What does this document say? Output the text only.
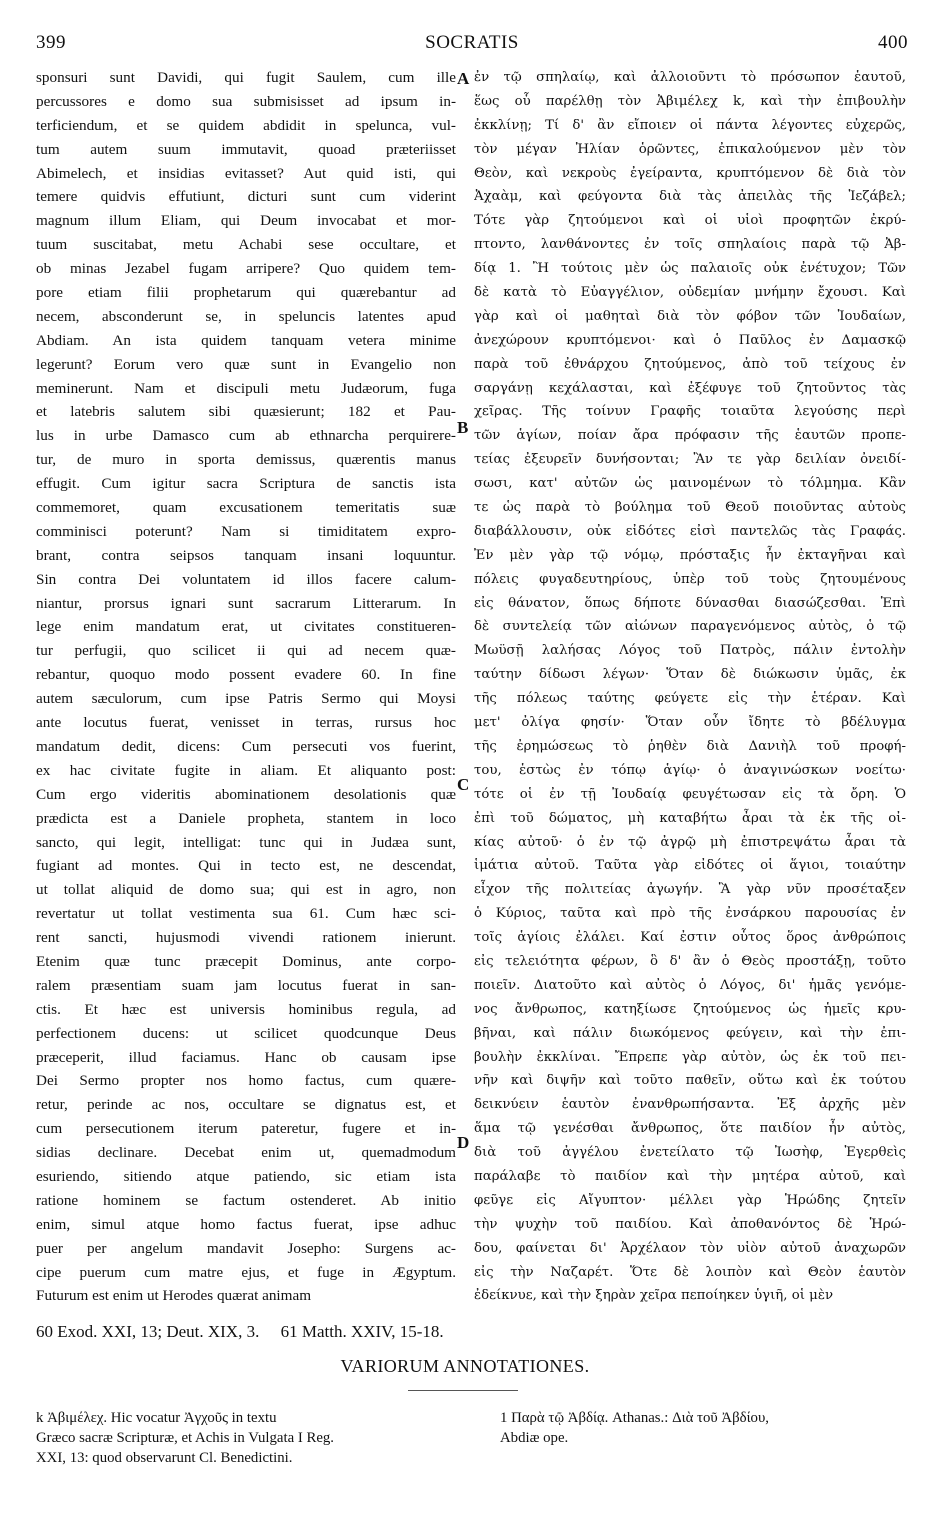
399	SOCRATIS	400
sponsuri sunt Davidi, qui fugit Saulem, cum ille
percussores e domo sua submisisset ad ipsum in-
terficiendum, et se quidem abdidit in spelunca, vul-
tum autem suum immutavit, quoad præteriisset
Abimelech, et insidias evitasset? Aut quid isti, qui
temere quidvis effutiunt, dicturi sunt cum viderint
magnum illum Eliam, qui Deum invocabat et mor-
tuum suscitabat, metu Achabi sese occultare, et
ob minas Jezabel fugam arripere? Quo quidem tem-
pore etiam filii prophetarum qui quærebantur ad
necem, absconderunt se, in speluncis latentes apud
Abdiam. An ista quidem tanquam vetera minime
legerunt? Eorum vero quæ sunt in Evangelio non
meminerunt. Nam et discipuli metu Judæorum, fuga
et latebris salutem sibi quæsierunt; 182 et Pau-
lus in urbe Damasco cum ab ethnarcha perquirere-
tur, de muro in sporta demissus, quærentis manus
effugit. Cum igitur sacra Scriptura de sanctis ista
commemoret, quam excusationem temeritatis suæ
comminisci poterunt? Nam si timiditatem expro-
brant, contra seipsos tanquam insani loquuntur.
Sin contra Dei voluntatem id illos facere calum-
niantur, prorsus ignari sunt sacrarum Litterarum. In
lege enim mandatum erat, ut civitates constitueren-
tur perfugii, quo scilicet ii qui ad necem quæ-
rebantur, quoquo modo possent evadere 60. In fine
autem sæculorum, cum ipse Patris Sermo qui Moysi
ante locutus fuerat, venisset in terras, rursus hoc
mandatum dedit, dicens: Cum persecuti vos fuerint,
ex hac civitate fugite in aliam. Et aliquanto post:
Cum ergo videritis abominationem desolationis quæ
prædicta est a Daniele propheta, stantem in loco
sancto, qui legit, intelligat: tunc qui in Judæa sunt,
fugiant ad montes. Qui in tecto est, ne descendat,
ut tollat aliquid de domo sua; qui est in agro, non
revertatur ut tollat vestimenta sua 61. Cum hæc sci-
rent sancti, hujusmodi vivendi rationem inierunt.
Etenim quæ tunc præcepit Dominus, ante corpo-
ralem præsentiam suam jam locutus fuerat in san-
ctis. Et hæc est universis hominibus regula, ad
perfectionem ducens: ut scilicet quodcunque Deus
præceperit, illud faciamus. Hanc ob causam ipse
Dei Sermo propter nos homo factus, cum quære-
retur, perinde ac nos, occultare se dignatus est, et
cum persecutionem iterum pateretur, fugere et in-
sidias declinare. Decebat enim ut, quemadmodum
esuriendo, sitiendo atque patiendo, sic etiam ista
ratione hominem se factum ostenderet. Ab initio
enim, simul atque homo factus fuerat, ipse adhuc
puer per angelum mandavit Josepho: Surgens ac-
cipe puerum cum matre ejus, et fuge in Ægyptum.
Futurum est enim ut Herodes quærat animam
ἐν τῷ σπηλαίῳ, καὶ ἀλλοιοῦντι τὸ πρόσωπον ἑαυτοῦ,
ἕως οὗ παρέλθῃ τὸν Ἀβιμέλεχ k, καὶ τὴν ἐπιβουλὴν
ἐκκλίνῃ; Τί δ' ἂν εἴποιεν οἱ πάντα λέγοντες εὐχερῶς,
τὸν μέγαν Ἠλίαν ὁρῶντες, ἐπικαλούμενον μὲν τὸν
Θεὸν, καὶ νεκροὺς ἐγείραντα, κρυπτόμενον δὲ διὰ τὸν
Ἀχαὰμ, καὶ φεύγοντα διὰ τὰς ἀπειλὰς τῆς Ἰεζάβελ;
Τότε γὰρ ζητούμενοι καὶ οἱ υἱοὶ προφητῶν ἐκρύ-
πτοντο, λανθάνοντες ἐν τοῖς σπηλαίοις παρὰ τῷ Ἀβ-
δίᾳ 1. Ἢ τούτοις μὲν ὡς παλαιοῖς οὐκ ἐνέτυχον; Τῶν
δὲ κατὰ τὸ Εὐαγγέλιον, οὐδεμίαν μνήμην ἔχουσι. Καὶ
γὰρ καὶ οἱ μαθηταὶ διὰ τὸν φόβον τῶν Ἰουδαίων,
ἀνεχώρουν κρυπτόμενοι· καὶ ὁ Παῦλος ἐν Δαμασκῷ
παρὰ τοῦ ἐθνάρχου ζητούμενος, ἀπὸ τοῦ τείχους ἐν
σαργάνῃ κεχάλασται, καὶ ἐξέφυγε τοῦ ζητοῦντος τὰς
χεῖρας. Τῆς τοίνυν Γραφῆς τοιαῦτα λεγούσης περὶ
τῶν ἁγίων, ποίαν ἄρα πρόφασιν τῆς ἑαυτῶν προπε-
τείας ἐξευρεῖν δυνήσονται; Ἂν τε γὰρ δειλίαν ὀνειδί-
σωσι, κατ' αὐτῶν ὡς μαινομένων τὸ τόλμημα. Κἂν
τε ὡς παρὰ τὸ βούλημα τοῦ Θεοῦ ποιοῦντας αὐτοὺς
διαβάλλουσιν, οὐκ εἰδότες εἰσὶ παντελῶς τὰς Γραφάς.
Ἐν μὲν γὰρ τῷ νόμῳ, πρόσταξις ἦν ἐκταγῆναι καὶ
πόλεις φυγαδευτηρίους, ὑπὲρ τοῦ τοὺς ζητουμένους
εἰς θάνατον, ὅπως δήποτε δύνασθαι διασώζεσθαι. Ἐπὶ
δὲ συντελείᾳ τῶν αἰώνων παραγενόμενος αὐτὸς, ὁ τῷ
Μωϋσῇ λαλήσας Λόγος τοῦ Πατρὸς, πάλιν ἐντολὴν
ταύτην δίδωσι λέγων· Ὅταν δὲ διώκωσιν ὑμᾶς, ἐκ
τῆς πόλεως ταύτης φεύγετε εἰς τὴν ἑτέραν. Καὶ
μετ' ὀλίγα φησίν· Ὅταν οὖν ἴδητε τὸ βδέλυγμα
τῆς ἐρημώσεως τὸ ῥηθὲν διὰ Δανιὴλ τοῦ προφή-
του, ἑστὼς ἐν τόπῳ ἁγίῳ· ὁ ἀναγινώσκων νοείτω·
τότε οἱ ἐν τῇ Ἰουδαίᾳ φευγέτωσαν εἰς τὰ ὄρη. Ὁ
ἐπὶ τοῦ δώματος, μὴ καταβήτω ἆραι τὰ ἐκ τῆς οἰ-
κίας αὐτοῦ· ὁ ἐν τῷ ἀγρῷ μὴ ἐπιστρεψάτω ἆραι τὰ
ἱμάτια αὐτοῦ. Ταῦτα γὰρ εἰδότες οἱ ἅγιοι, τοιαύτην
εἶχον τῆς πολιτείας ἀγωγήν. Ἃ γὰρ νῦν προσέταξεν
ὁ Κύριος, ταῦτα καὶ πρὸ τῆς ἐνσάρκου παρουσίας ἐν
τοῖς ἁγίοις ἐλάλει. Καί ἐστιν οὗτος ὅρος ἀνθρώποις
εἰς τελειότητα φέρων, ὃ δ' ἂν ὁ Θεὸς προστάξῃ, τοῦτο
ποιεῖν. Διατοῦτο καὶ αὐτὸς ὁ Λόγος, δι' ἡμᾶς γενόμε-
νος ἄνθρωπος, κατηξίωσε ζητούμενος ὡς ἡμεῖς κρυ-
βῆναι, καὶ πάλιν διωκόμενος φεύγειν, καὶ τὴν ἐπι-
βουλὴν ἐκκλίναι. Ἔπρεπε γὰρ αὐτὸν, ὡς ἐκ τοῦ πει-
νῆν καὶ διψῆν καὶ τοῦτο παθεῖν, οὕτω καὶ ἐκ τούτου
δεικνύειν ἑαυτὸν ἐνανθρωπήσαντα. Ἐξ ἀρχῆς μὲν
ἅμα τῷ γενέσθαι ἄνθρωπος, ὅτε παιδίον ἦν αὐτὸς,
διὰ τοῦ ἀγγέλου ἐνετείλατο τῷ Ἰωσὴφ, Ἐγερθεὶς
παράλαβε τὸ παιδίον καὶ τὴν μητέρα αὐτοῦ, καὶ
φεῦγε εἰς Αἴγυπτον· μέλλει γὰρ Ἡρώδης ζητεῖν
τὴν ψυχὴν τοῦ παιδίου. Καὶ ἀποθανόντος δὲ Ἡρώ-
δου, φαίνεται δι' Ἀρχέλαον τὸν υἱὸν αὐτοῦ ἀναχωρῶν
εἰς τὴν Ναζαρέτ. Ὅτε δὲ λοιπὸν καὶ Θεὸν ἑαυτὸν
ἐδείκνυε, καὶ τὴν ξηρὰν χεῖρα πεποίηκεν ὑγιῆ, οἱ μὲν
A
B
C
D
60 Exod. XXI, 13; Deut. XIX, 3.     61 Matth. XXIV, 15-18.
VARIORUM ANNOTATIONES.
k Ἀβιμέλεχ. Hic vocatur Ἀγχοῦς in textu
Græco sacræ Scripturæ, et Achis in Vulgata I Reg.
XXI, 13: quod observarunt Cl. Benedictini.
1 Παρὰ τῷ Ἀβδίᾳ. Athanas.: Διὰ τοῦ Ἀβδίου,
Abdiæ ope.
